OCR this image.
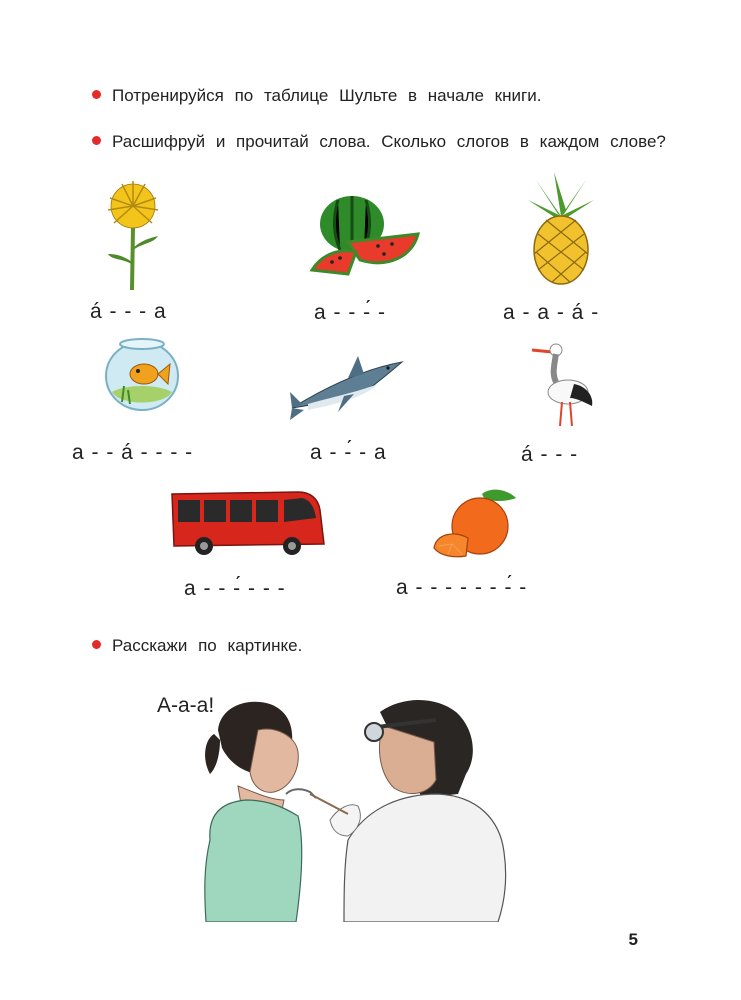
Потренируйся по таблице Шульте в начале книги.
Расшифруй и прочитай слова. Сколько слогов в каждом слове?
Расскажи по картинке.
á - - - а	а - - -́ -	а - а - á -
а - - á - - - -	а - -́ - а	á - - -
а - - -́ - - -	а - - - - - - -́ -
А-а-а!
5
